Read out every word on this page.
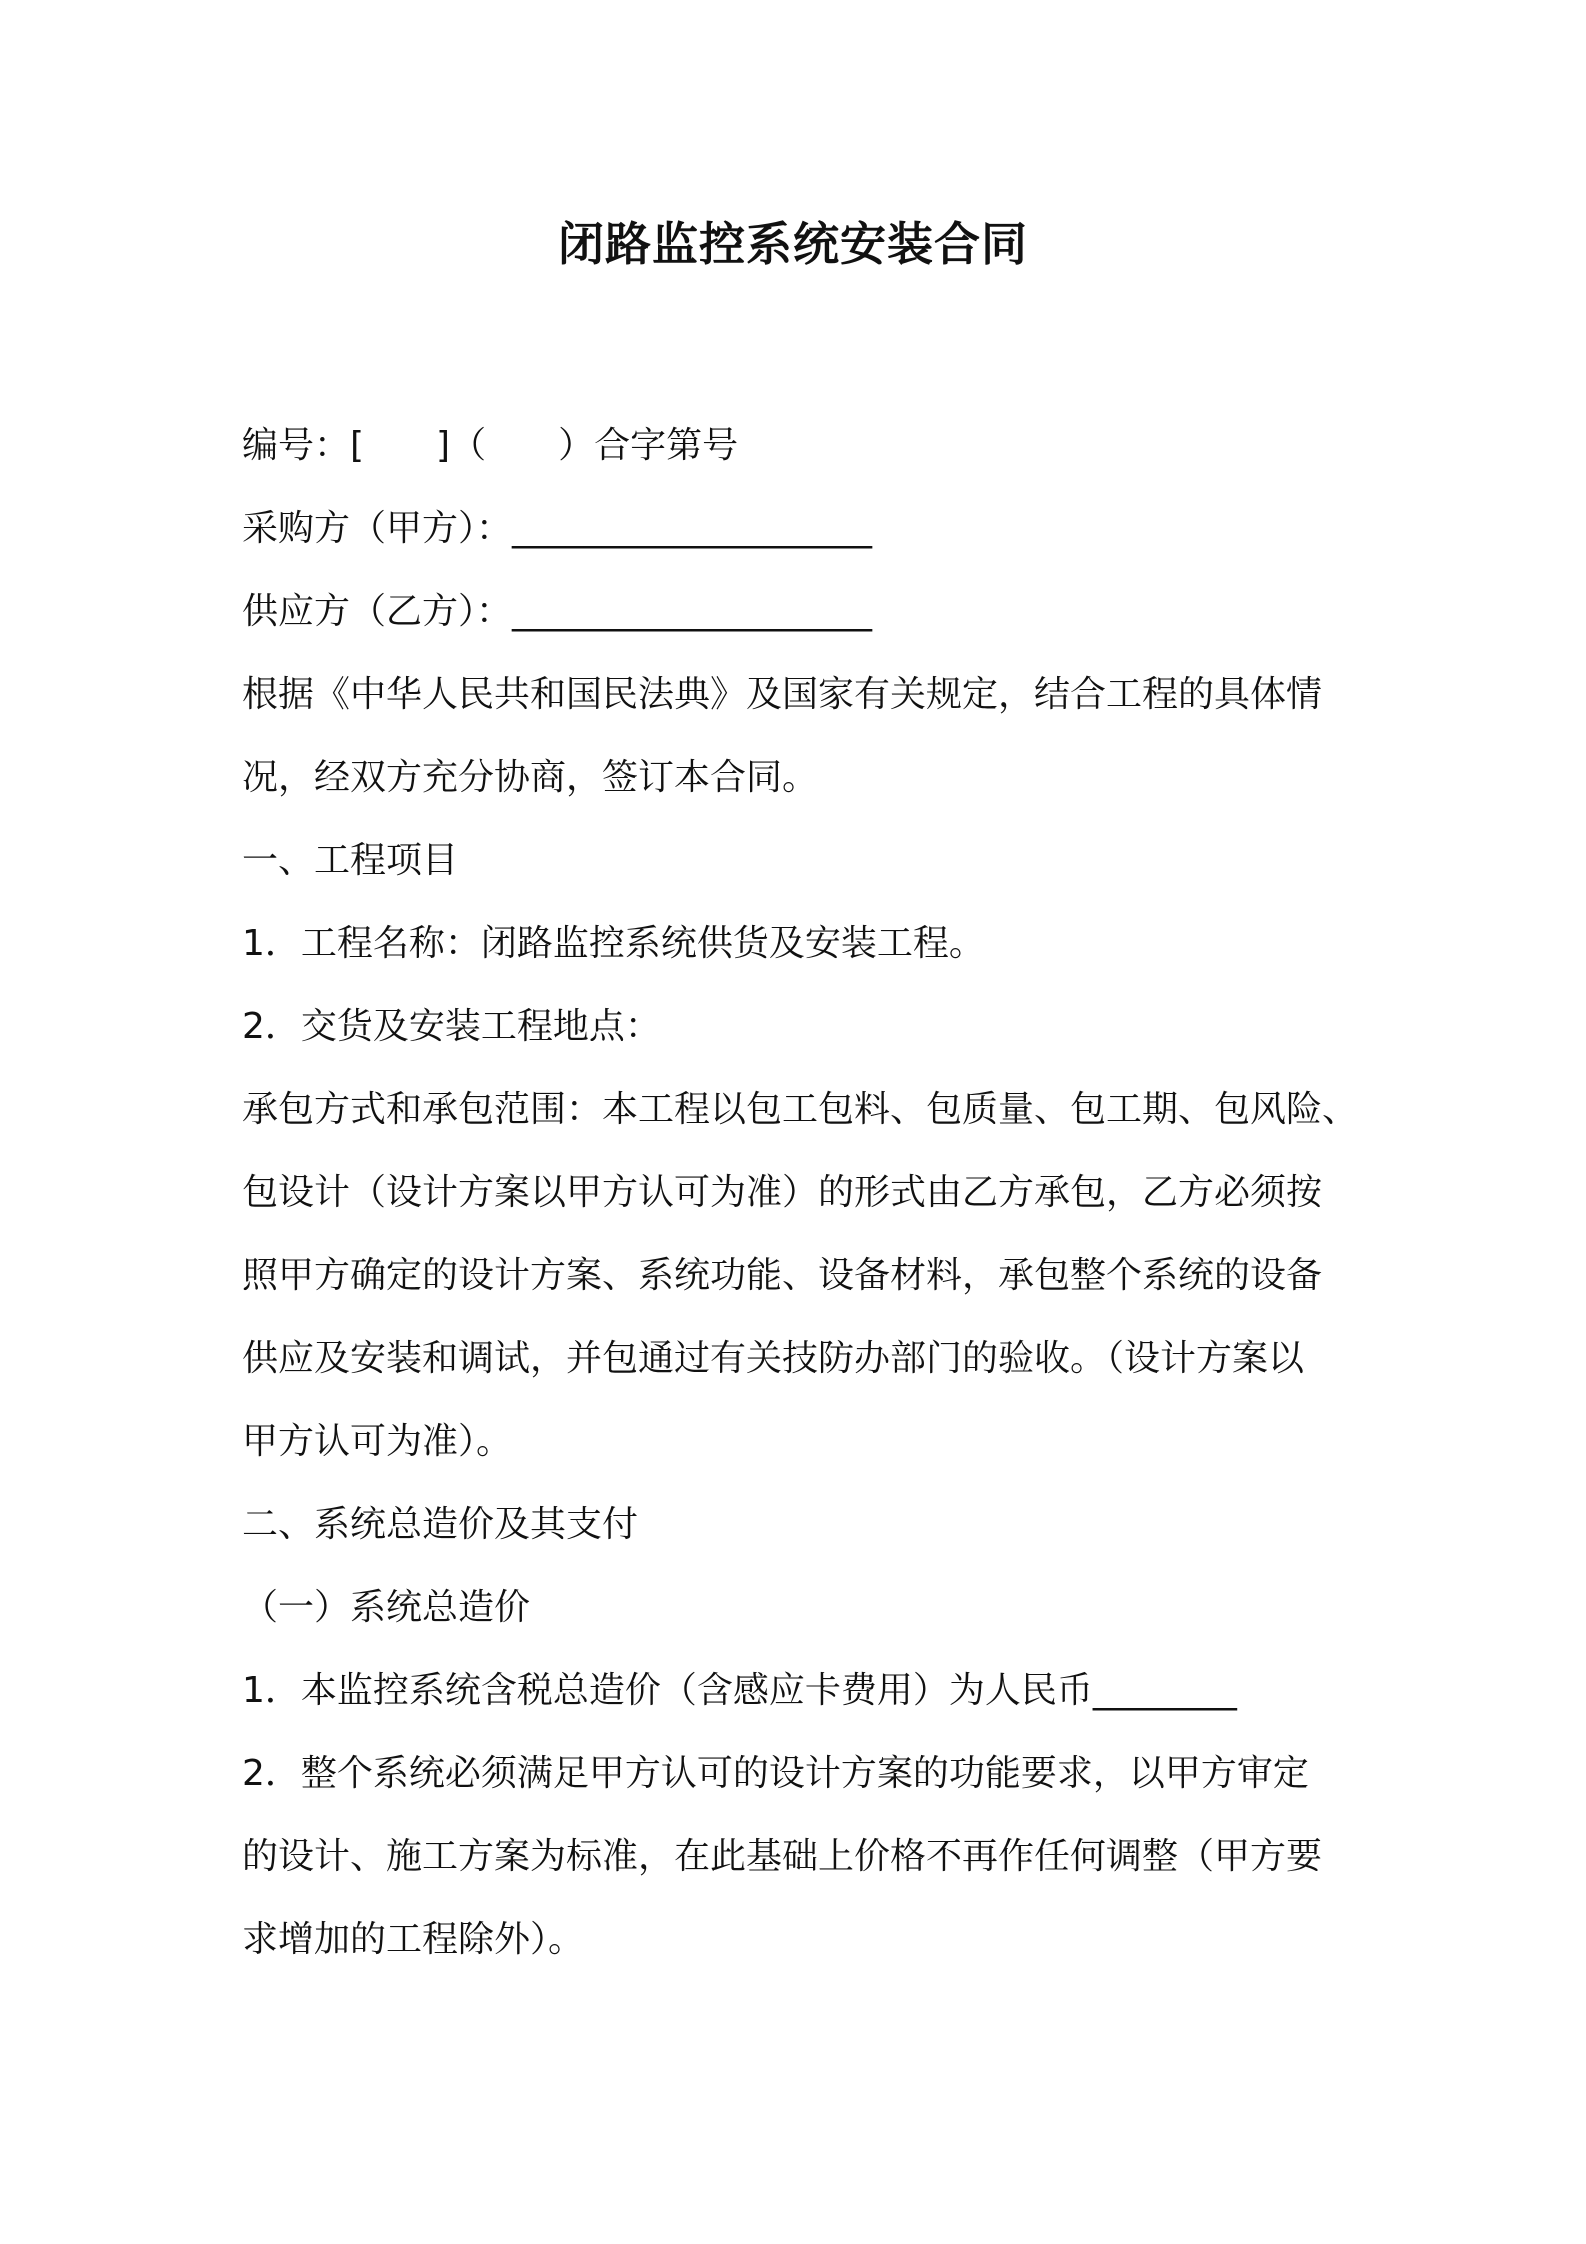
闭路监控系统安装合同
编号：[　　]（　　）合字第号
采购方（甲方）：____________________
供应方（乙方）：____________________
根据《中华人民共和国民法典》及国家有关规定，结合工程的具体情
况，经双方充分协商，签订本合同。
一、工程项目
1．工程名称：闭路监控系统供货及安装工程。
2．交货及安装工程地点：
承包方式和承包范围：本工程以包工包料、包质量、包工期、包风险、
包设计（设计方案以甲方认可为准）的形式由乙方承包，乙方必须按
照甲方确定的设计方案、系统功能、设备材料，承包整个系统的设备
供应及安装和调试，并包通过有关技防办部门的验收。（设计方案以
甲方认可为准）。
二、系统总造价及其支付
（一）系统总造价
1．本监控系统含税总造价（含感应卡费用）为人民币________
2．整个系统必须满足甲方认可的设计方案的功能要求，以甲方审定
的设计、施工方案为标准，在此基础上价格不再作任何调整（甲方要
求增加的工程除外）。
